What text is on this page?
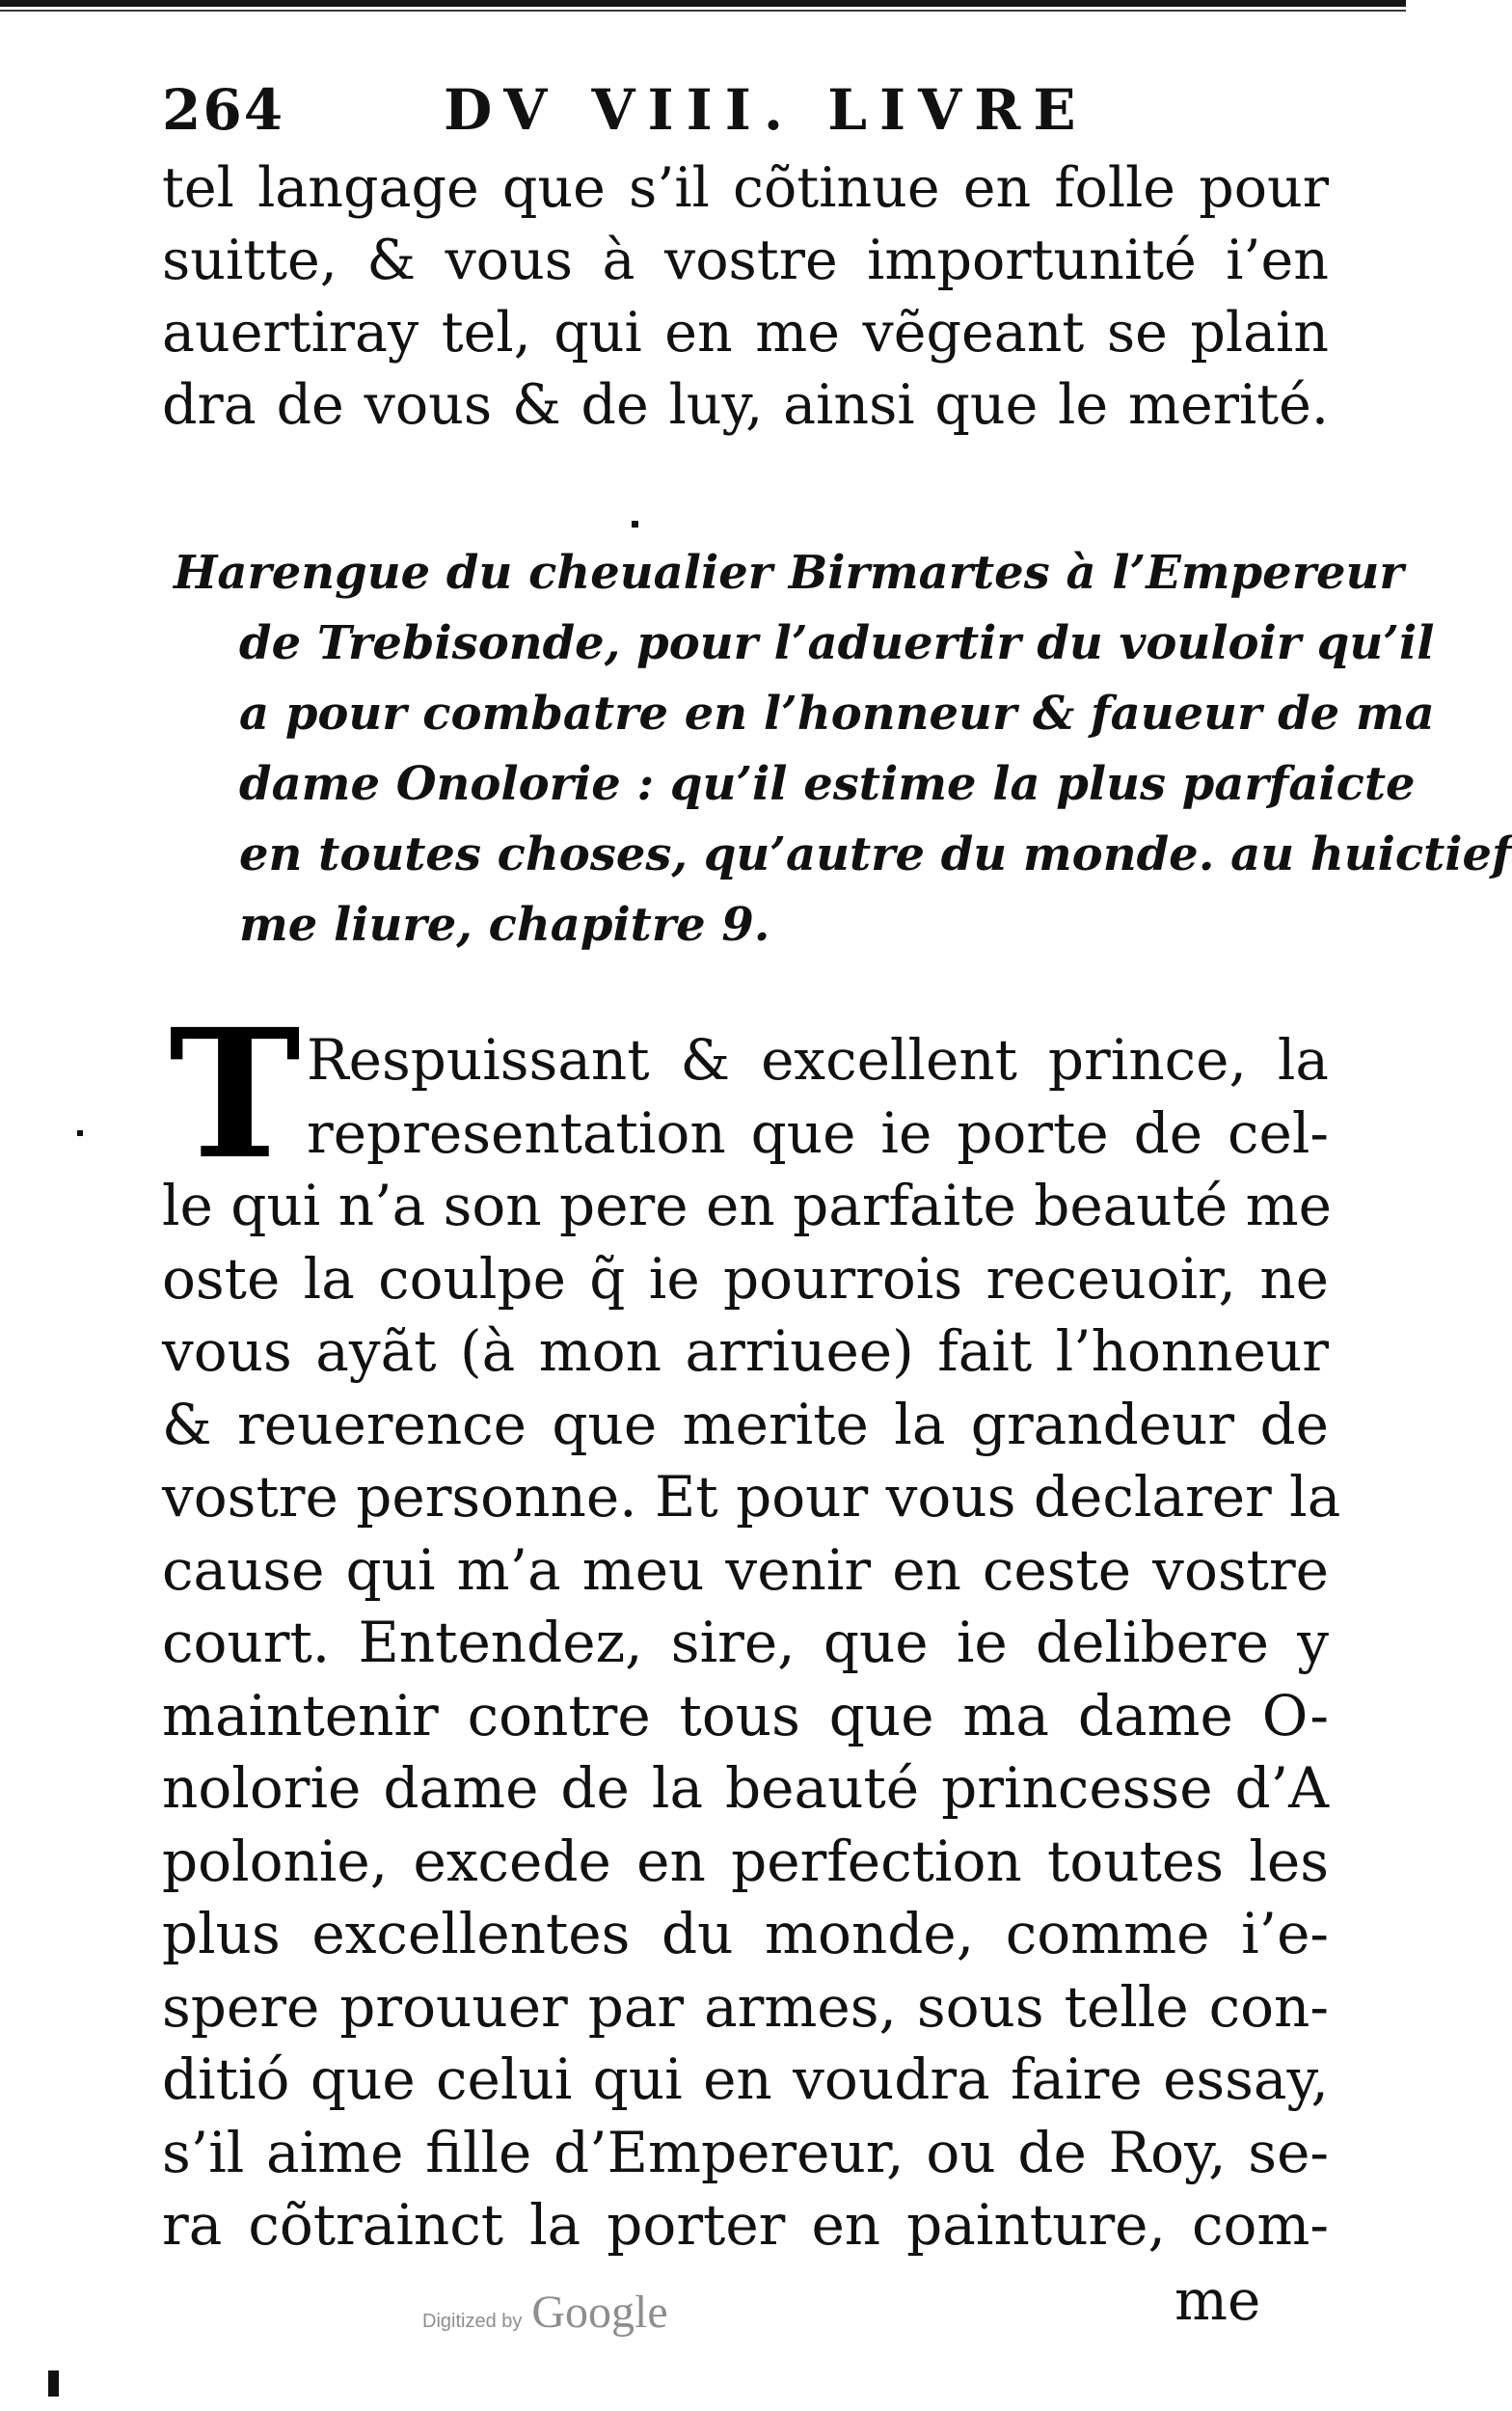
264	DV VIII. LIVRE
tel langage que s’il cõtinue en folle pour
suitte, & vous à vostre importunité i’en
auertiray tel, qui en me vẽgeant se plain
dra de vous & de luy, ainsi que le merité.
Harengue du cheualier Birmartes à l’Empereur
de Trebisonde, pour l’aduertir du vouloir qu’il
a pour combatre en l’honneur & faueur de ma
dame Onolorie : qu’il estime la plus parfaicte
en toutes choses, qu’autre du monde. au huictief
me liure, chapitre 9.
T Respuissant & excellent prince, la
representation que ie porte de cel-
le qui n’a son pere en parfaite beauté me
oste la coulpe q̃ ie pourrois receuoir, ne
vous ayãt (à mon arriuee) fait l’honneur
& reuerence que merite la grandeur de
vostre personne. Et pour vous declarer la
cause qui m’a meu venir en ceste vostre
court. Entendez, sire, que ie delibere y
maintenir contre tous que ma dame O-
nolorie dame de la beauté princesse d’A
polonie, excede en perfection toutes les
plus excellentes du monde, comme i’e-
spere prouuer par armes, sous telle con-
ditió que celui qui en voudra faire essay,
s’il aime fille d’Empereur, ou de Roy, se-
ra cõtrainct la porter en painture, com-
me
Digitized by Google
